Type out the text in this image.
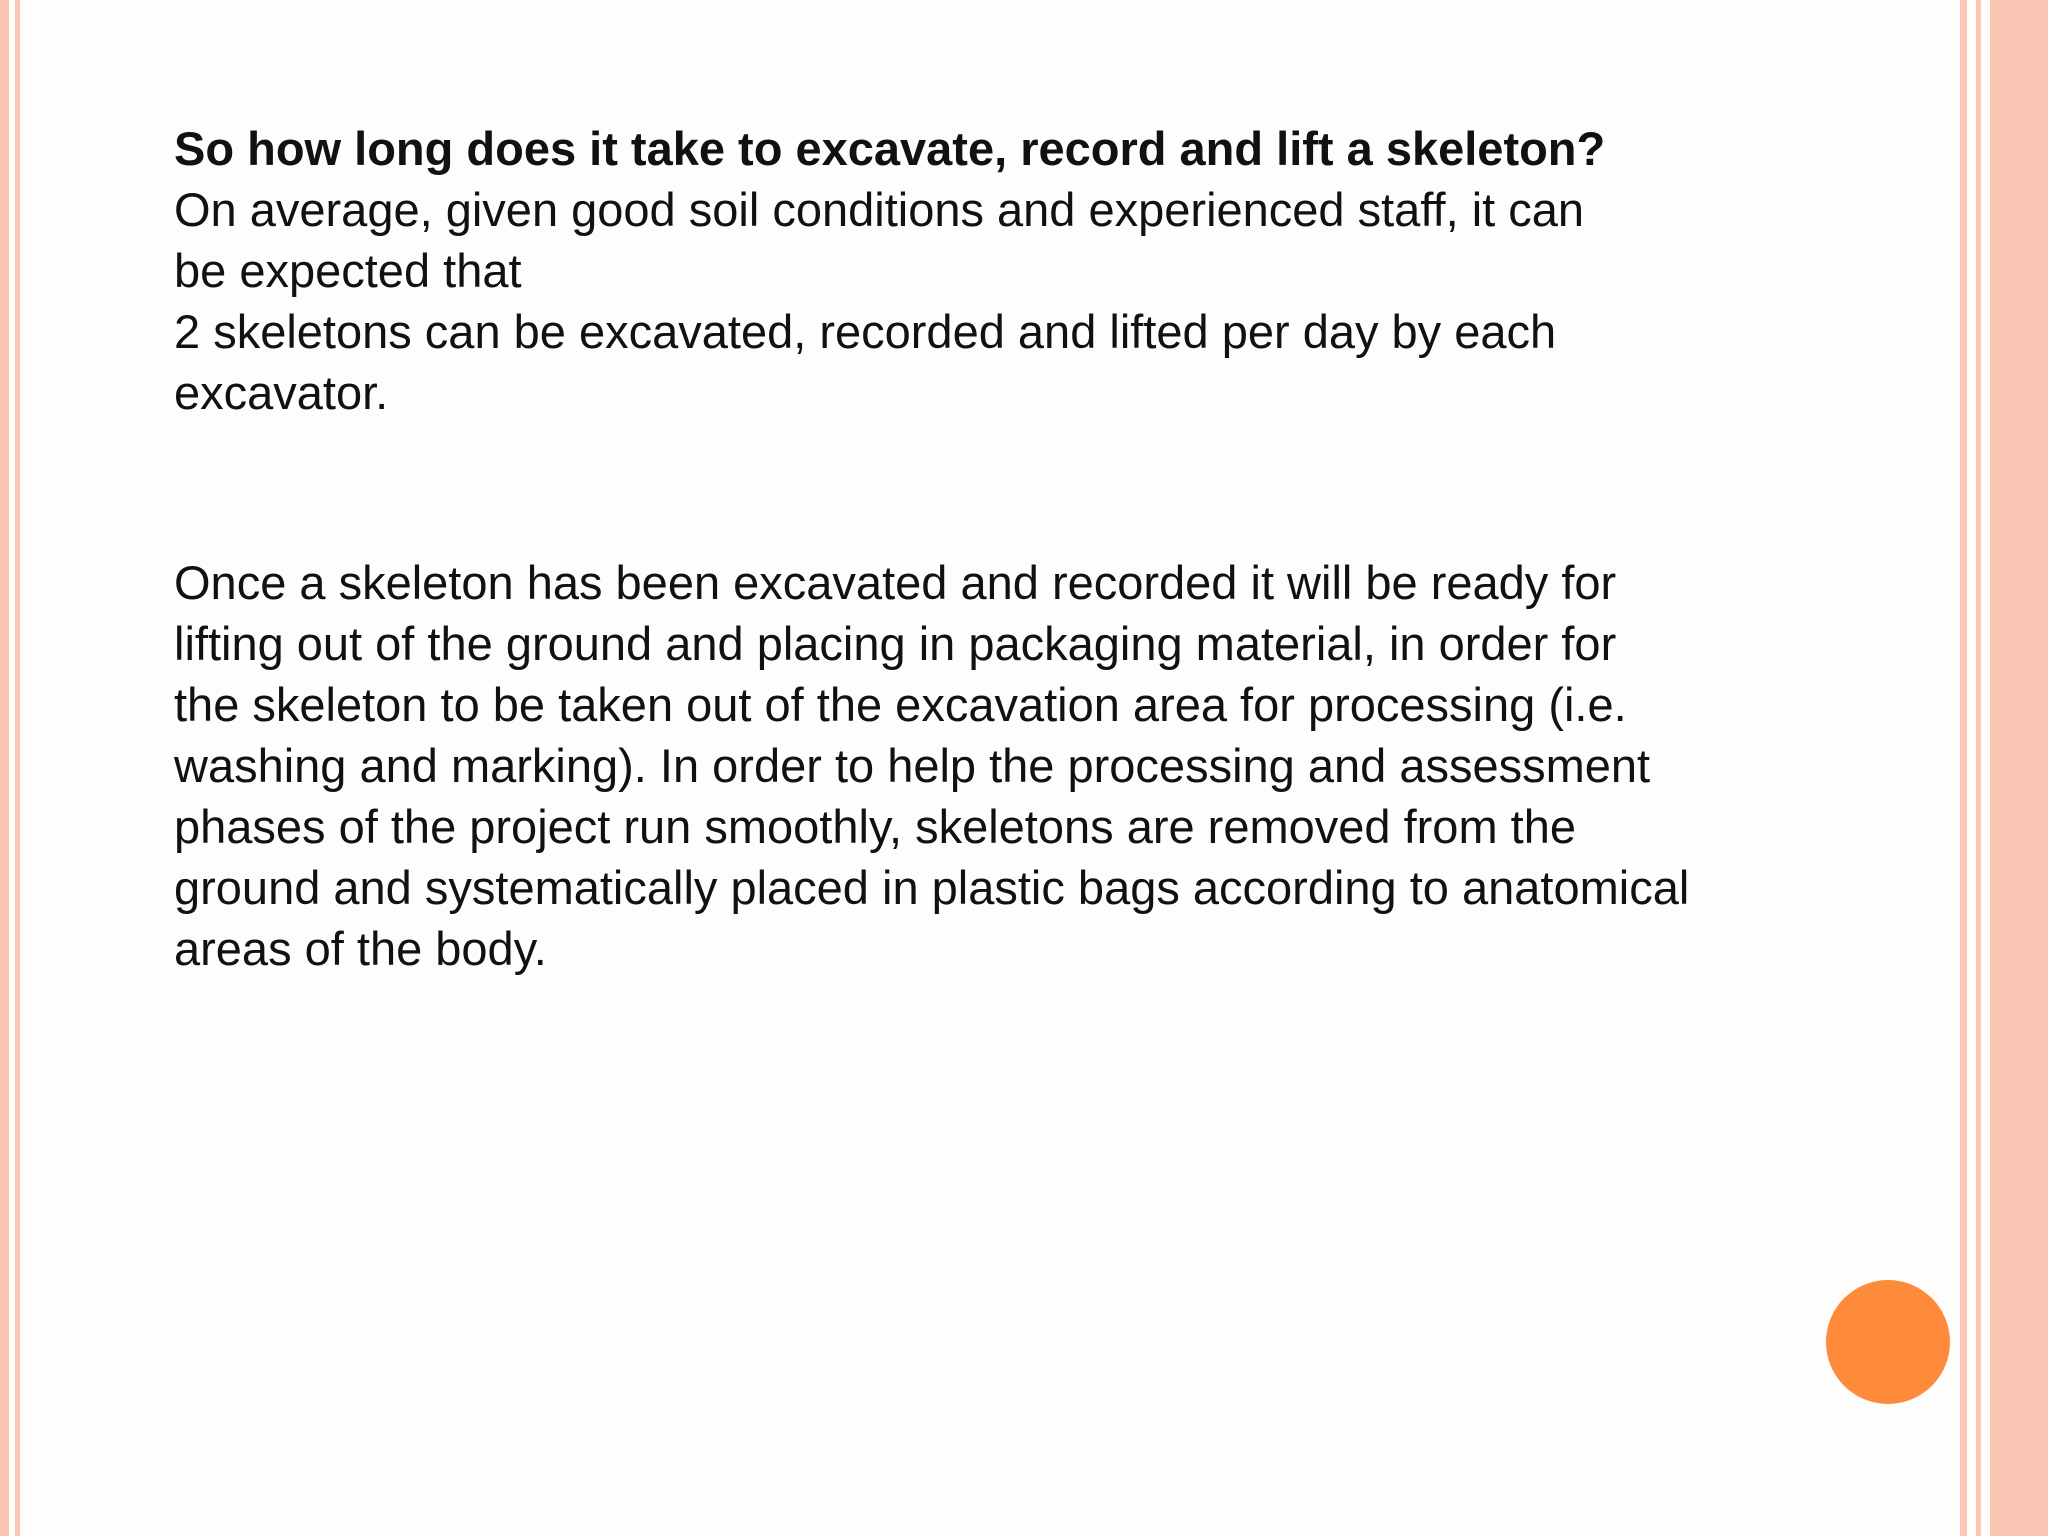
So how long does it take to excavate, record and lift a skeleton?

On average, given good soil conditions and experienced staff, it can

be expected that

2 skeletons can be excavated, recorded and lifted per day by each

excavator.

Once a skeleton has been excavated and recorded it will be ready for

lifting out of the ground and placing in packaging material, in order for

the skeleton to be taken out of the excavation area for processing (i.e.

washing and marking). In order to help the processing and assessment

phases of the project run smoothly, skeletons are removed from the

ground and systematically placed in plastic bags according to anatomical

areas of the body.
